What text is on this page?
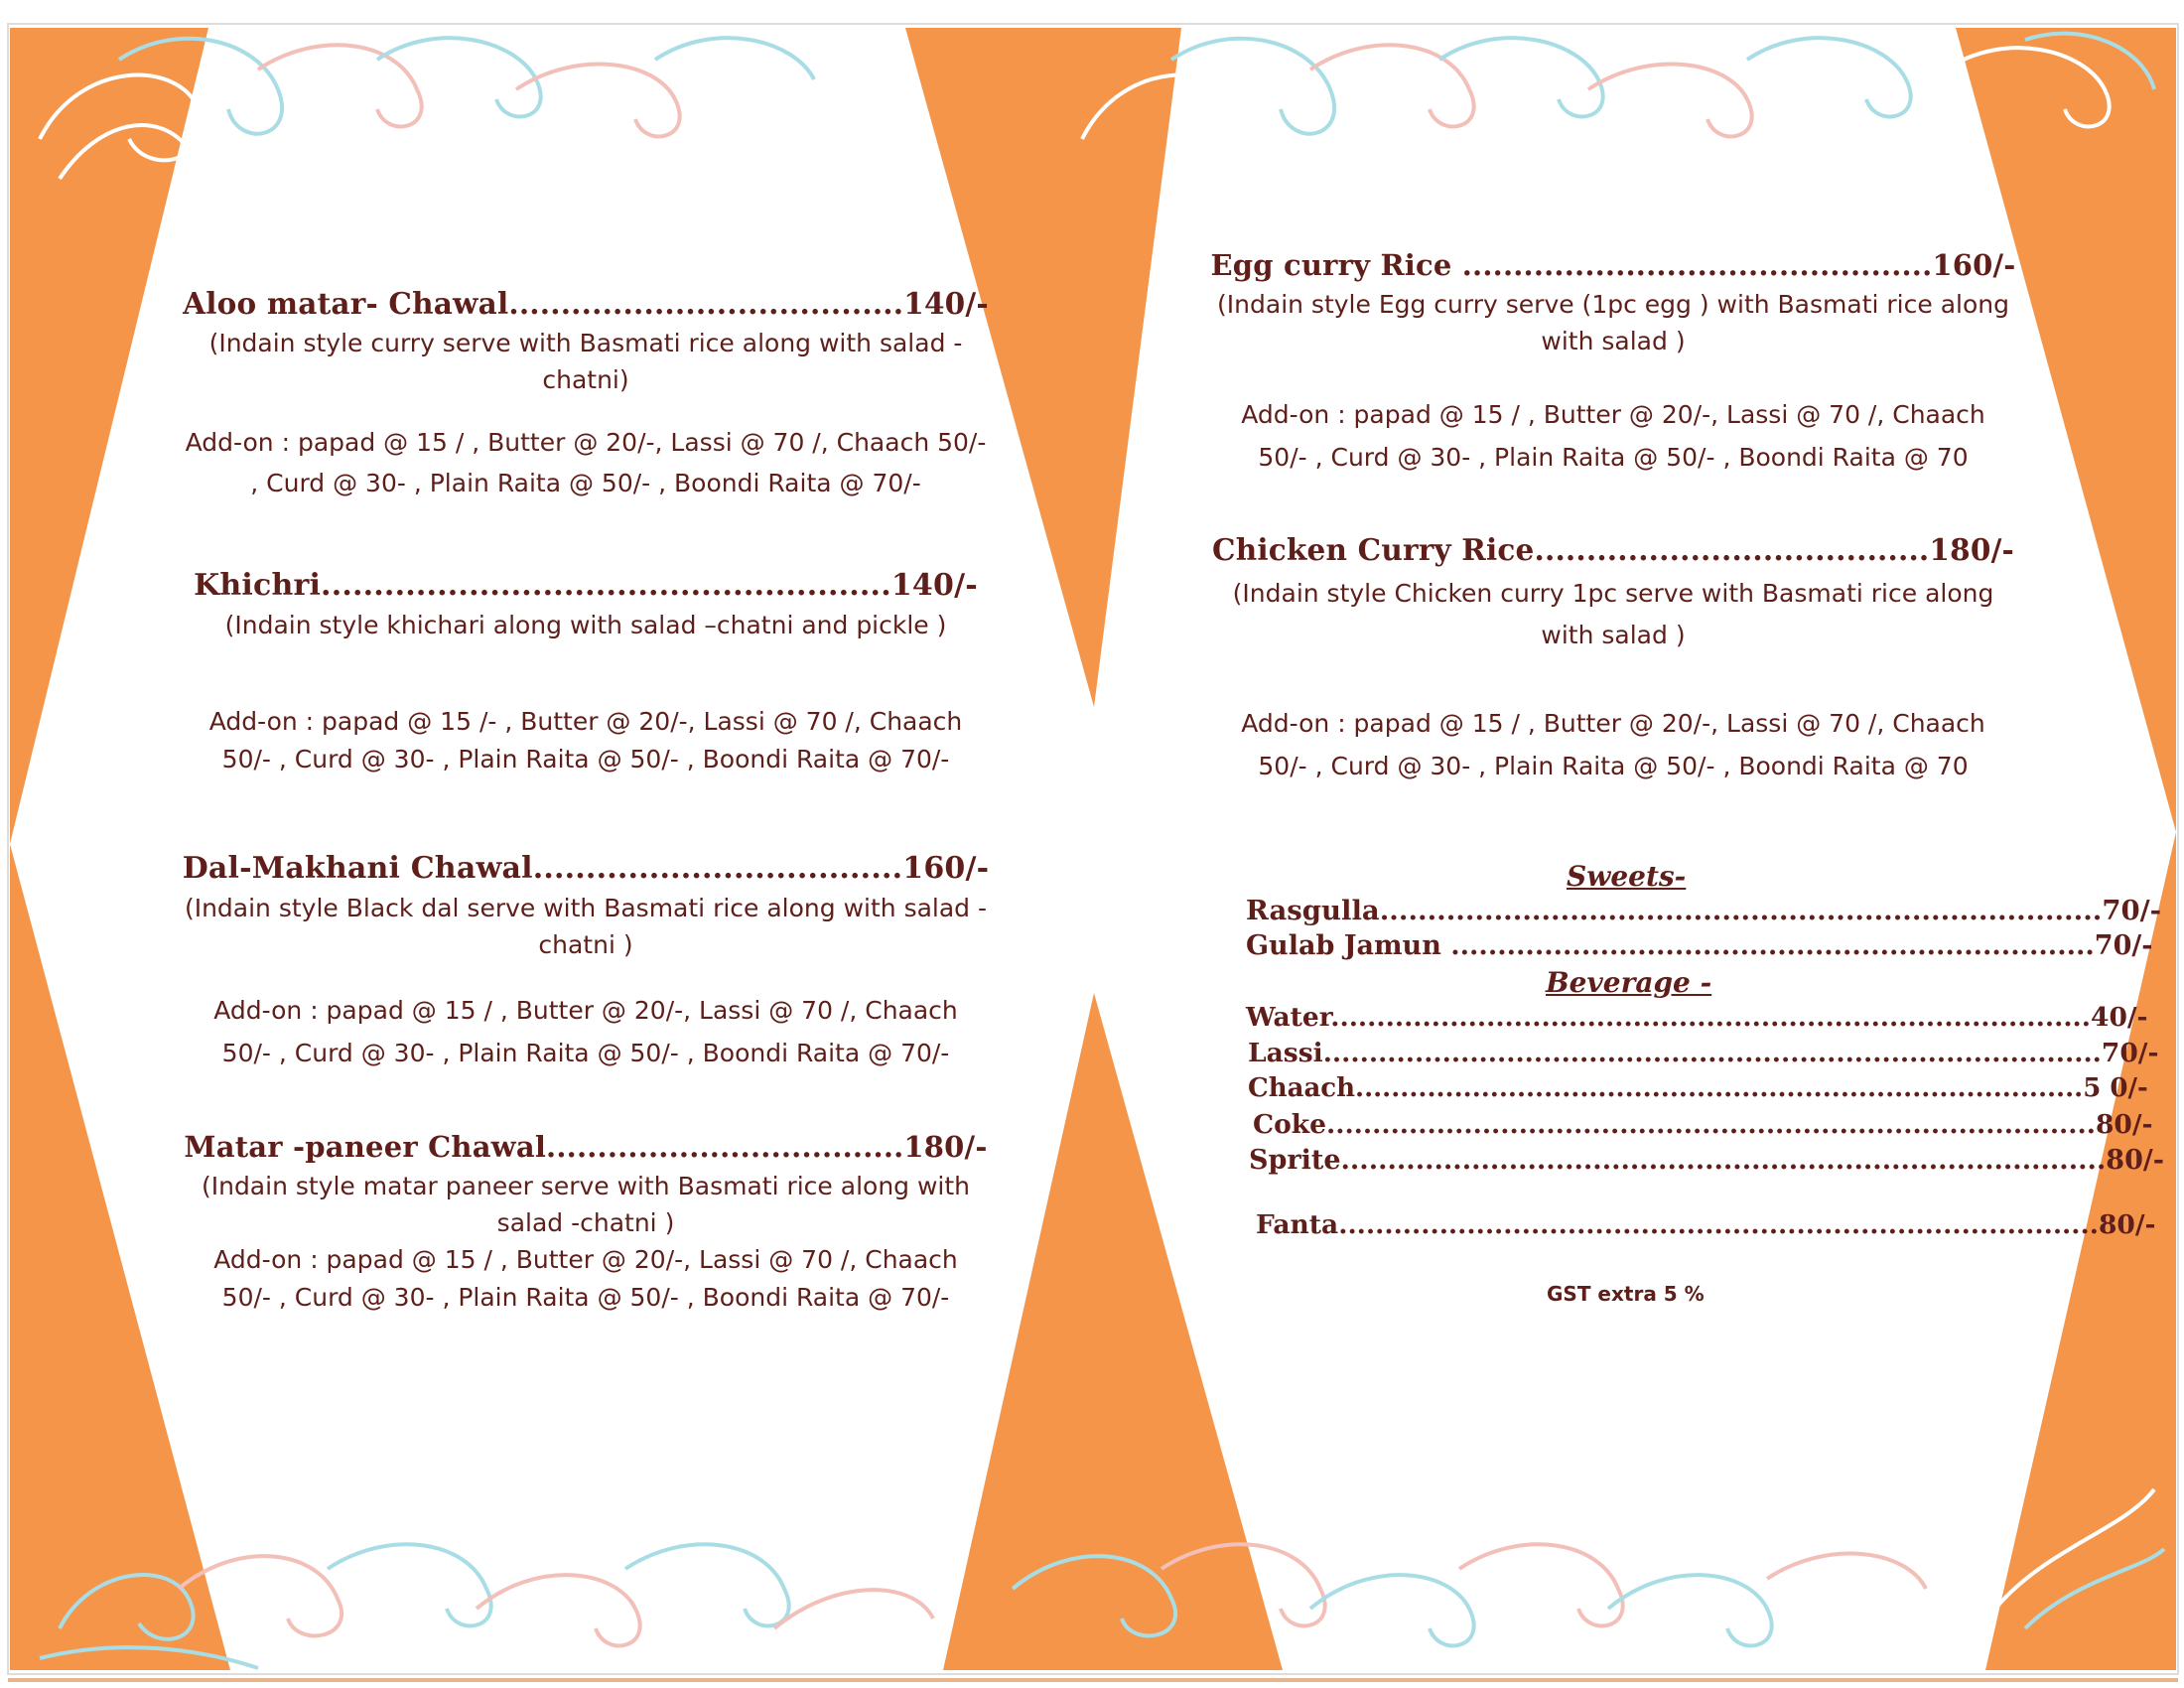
Aloo matar- Chawal......................................140/-
(Indain style curry serve with Basmati rice along with salad -chatni)
Add-on : papad @ 15 / , Butter @ 20/-, Lassi @ 70 /, Chaach 50/- , Curd @ 30- , Plain Raita @ 50/- , Boondi Raita @ 70/-
Khichri......................................................140/-
(Indain style khichari along with salad –chatni and pickle )
Add-on : papad @ 15 /- , Butter @ 20/-, Lassi @ 70 /, Chaach 50/- , Curd @ 30- , Plain Raita @ 50/- , Boondi Raita @ 70/-
Dal-Makhani Chawal...................................160/-
(Indain style Black dal serve with Basmati rice along with salad -chatni )
Add-on : papad @ 15 / , Butter @ 20/-, Lassi @ 70 /, Chaach 50/- , Curd @ 30- , Plain Raita @ 50/- , Boondi Raita @ 70/-
Matar -paneer Chawal...................................180/-
(Indain style matar paneer serve with Basmati rice along with salad -chatni )
Add-on : papad @ 15 / , Butter @ 20/-, Lassi @ 70 /, Chaach 50/- , Curd @ 30- , Plain Raita @ 50/- , Boondi Raita @ 70/-
Egg curry Rice ..............................................160/-
(Indain style Egg curry serve (1pc egg ) with Basmati rice along with salad )
Add-on : papad @ 15 / , Butter @ 20/-, Lassi @ 70 /, Chaach 50/- , Curd @ 30- , Plain Raita @ 50/- , Boondi Raita @ 70
Chicken Curry Rice......................................180/-
(Indain style Chicken curry 1pc serve with Basmati rice along with salad )
Add-on : papad @ 15 / , Butter @ 20/-, Lassi @ 70 /, Chaach 50/- , Curd @ 30- , Plain Raita @ 50/- , Boondi Raita @ 70
Sweets-
Rasgulla............................................................................70/-
Gulab Jamun .....................................................................70/-
Beverage -
Water...................................................................................40/-
Lassi.....................................................................................70/-
Chaach.................................................................................5 0/-
Coke....................................................................................80/-
Sprite..................................................................................80/-
Fanta...................................................................................80/-
GST extra 5 %
